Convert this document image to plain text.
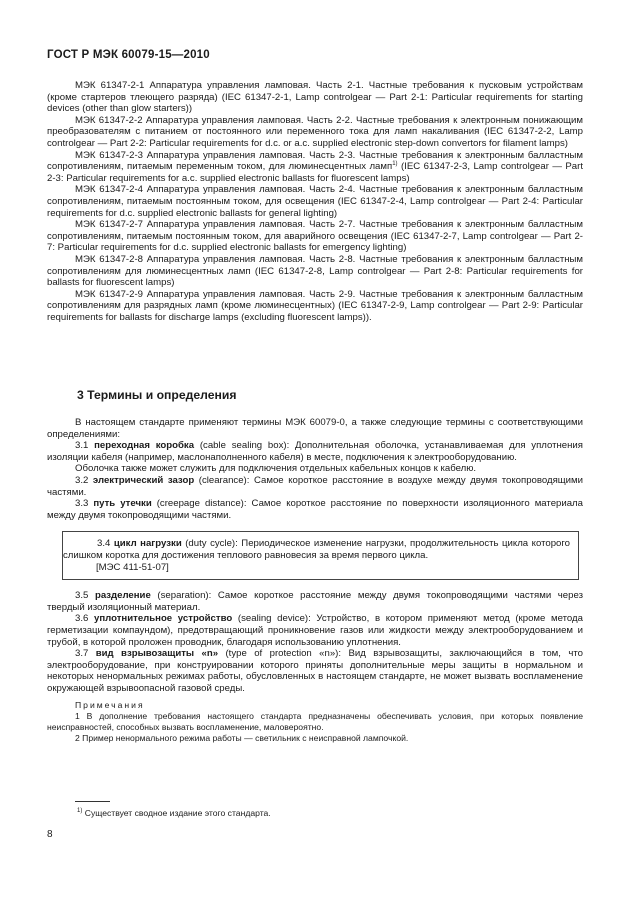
ГОСТ Р МЭК 60079-15—2010

МЭК 61347-2-1 Аппаратура управления ламповая. Часть 2-1. Частные требования к пусковым устройствам (кроме стартеров тлеющего разряда) (IEC 61347-2-1, Lamp controlgear — Part 2-1: Particular requirements for starting devices (other than glow starters))

МЭК 61347-2-2 Аппаратура управления ламповая. Часть 2-2. Частные требования к электронным понижающим преобразователям с питанием от постоянного или переменного тока для ламп накаливания (IEC 61347-2-2, Lamp controlgear — Part 2-2: Particular requirements for d.c. or a.c. supplied electronic step-down convertors for filament lamps)

МЭК 61347-2-3 Аппаратура управления ламповая. Часть 2-3. Частные требования к электронным балластным сопротивлениям, питаемым переменным током, для люминесцентных ламп$^{1)}$ (IEC 61347-2-3, Lamp controlgear — Part 2-3: Particular requirements for a.c. supplied electronic ballasts for fluorescent lamps)

МЭК 61347-2-4 Аппаратура управления ламповая. Часть 2-4. Частные требования к электронным балластным сопротивлениям, питаемым постоянным током, для освещения (IEC 61347-2-4, Lamp controlgear — Part 2-4: Particular requirements for d.c. supplied electronic ballasts for general lighting)

МЭК 61347-2-7 Аппаратура управления ламповая. Часть 2-7. Частные требования к электронным балластным сопротивлениям, питаемым постоянным током, для аварийного освещения (IEC 61347-2-7, Lamp controlgear — Part 2-7: Particular requirements for d.c. supplied electronic ballasts for emergency lighting)

МЭК 61347-2-8 Аппаратура управления ламповая. Часть 2-8. Частные требования к электронным балластным сопротивлениям для люминесцентных ламп (IEC 61347-2-8, Lamp controlgear — Part 2-8: Particular requirements for ballasts for fluorescent lamps)

МЭК 61347-2-9 Аппаратура управления ламповая. Часть 2-9. Частные требования к электронным балластным сопротивлениям для разрядных ламп (кроме люминесцентных) (IEC 61347-2-9, Lamp controlgear — Part 2-9: Particular requirements for ballasts for discharge lamps (excluding fluorescent lamps)).

3 Термины и определения

В настоящем стандарте применяют термины МЭК 60079-0, а также следующие термины с соответствующими определениями:

3.1 переходная коробка (cable sealing box): Дополнительная оболочка, устанавливаемая для уплотнения изоляции кабеля (например, маслонаполненного кабеля) в месте, подключения к электрооборудованию.

Оболочка также может служить для подключения отдельных кабельных концов к кабелю.

3.2 электрический зазор (clearance): Самое короткое расстояние в воздухе между двумя токопроводящими частями.

3.3 путь утечки (creepage distance): Самое короткое расстояние по поверхности изоляционного материала между двумя токопроводящими частями.

3.4 цикл нагрузки (duty cycle): Периодическое изменение нагрузки, продолжительность цикла которого слишком коротка для достижения теплового равновесия за время первого цикла.

[МЭС 411-51-07]

3.5 разделение (separation): Самое короткое расстояние между двумя токопроводящими частями через твердый изоляционный материал.

3.6 уплотнительное устройство (sealing device): Устройство, в котором применяют метод (кроме метода герметизации компаундом), предотвращающий проникновение газов или жидкости между электрооборудованием и трубой, в которой проложен проводник, благодаря использованию уплотнения.

3.7 вид взрывозащиты «n» (type of protection «n»): Вид взрывозащиты, заключающийся в том, что электрооборудование, при конструировании которого приняты дополнительные меры защиты в нормальном и некоторых ненормальных режимах работы, обусловленных в настоящем стандарте, не может вызвать воспламенение окружающей взрывоопасной газовой среды.

Примечания

1 В дополнение требования настоящего стандарта предназначены обеспечивать условия, при которых появление неисправностей, способных вызвать воспламенение, маловероятно.

2 Пример ненормального режима работы — светильник с неисправной лампочкой.

$^{1)}$ Существует сводное издание этого стандарта.
8
